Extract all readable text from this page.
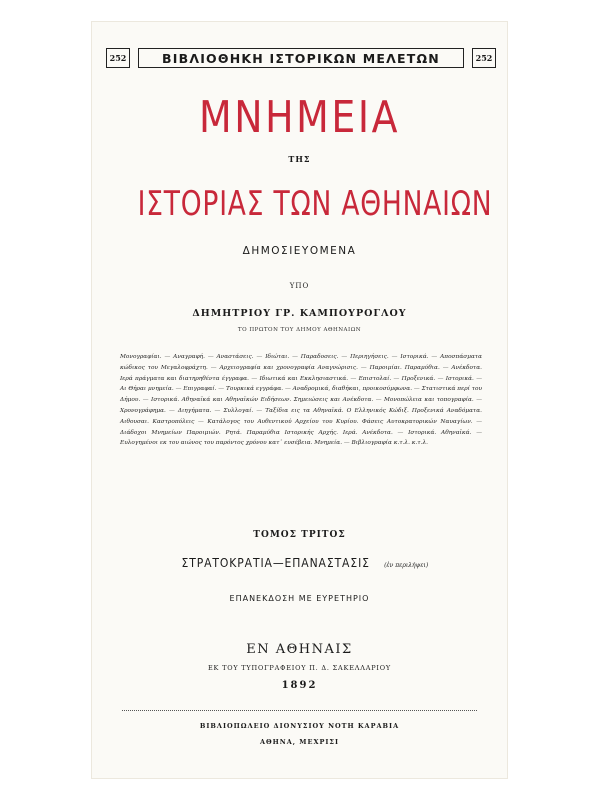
252	ΒΙΒΛΙΟΘΗΚΗ ΙΣΤΟΡΙΚΩΝ ΜΕΛΕΤΩΝ	252
ΜΝΗΜΕΙΑ
ΤΗΣ
ΙΣΤΟΡΙΑΣ ΤΩΝ ΑΘΗΝΑΙΩΝ
ΔΗΜΟΣΙΕΥΟΜΕΝΑ
ΥΠΟ
ΔΗΜΗΤΡΙΟΥ ΓΡ. ΚΑΜΠΟΥΡΟΓΛΟΥ
ΤΟ ΠΡΩΤΟΝ ΤΟΥ ΔΗΜΟΥ ΑΘΗΝΑΙΩΝ
Μονογραφίαι. — Αναγραφή. — Αναστάσεις. — Ιδιώται. — Παραδοσεις. — Περιηγήσεις. — Ιστορικά. — Αποσπάσματα κώδικος του Μεγαλοφράχτη. — Αρχειογραφία και χρονογραφία Αναγνώρισις. — Παροιμίαι. Παραμύθια. — Ανέκδοτα. Ιερά πράγματα και διατηρηθέντα έγγραφα. — Ιδιωτικά και Εκκλησιαστικά. — Επιστολαί. — Προξενικά. — Ιστορικά. — Αι Θήραι μνημεία. — Επιγραφαί. — Τουρκικά εγγράφα. — Αναδρομικά, διαθήκαι, προικοσύμφωνα. — Στατιστικά περί του Δήμου. — Ιστορικά. Αθηναϊκά και Αθηναϊκών Ειδήσεων. Σημειώσεις και Ανέκδοτα. — Μονοπώλεια και τοπογραφία. — Χρονογράφημα. — Διηγήματα. — Συλλογαί. — Ταξίδια εις τα Αθηναϊκά. Ο Ελληνικός Κώδιξ. Προξενικά Αναδόματα. Αιθουσαι. Καστροπόλεις — Κατάλογος του Αυθεντικού Αρχείου του Κυρίου. Φάσεις Αυτοκρατορικών Ναυαγίων. — Διάδοχοι Μνημείων Παροιμιών. Ρητά. Παραμύθια Ιστορικής Αρχής. Ιερά. Ανέκδοτα. — Ιστορικά. Αθηναϊκά. — Ευλογημένοι εκ του αιώνος του παρόντος χρόνου κατ᾽ ευσέβεια. Μνημεία. — Βιβλιογραφία κ.τ.λ. κ.τ.λ.
ΤΟΜΟΣ ΤΡΙΤΟΣ
ΣΤΡΑΤΟΚΡΑΤΙΑ—ΕΠΑΝΑΣΤΑΣΙΣ (ἐν περιλήψει)
ΕΠΑΝΕΚΔΟΣΗ ΜΕ ΕΥΡΕΤΗΡΙΟ
ΕΝ ΑΘΗΝΑΙΣ
ΕΚ ΤΟΥ ΤΥΠΟΓΡΑΦΕΙΟΥ Π. Δ. ΣΑΚΕΛΛΑΡΙΟΥ
1892
ΒΙΒΛΙΟΠΩΛΕΙΟ ΔΙΟΝΥΣΙΟΥ ΝΟΤΗ ΚΑΡΑΒΙΑ
ΑΘΗΝΑ, ΜΕΧΡΙΣΙ
